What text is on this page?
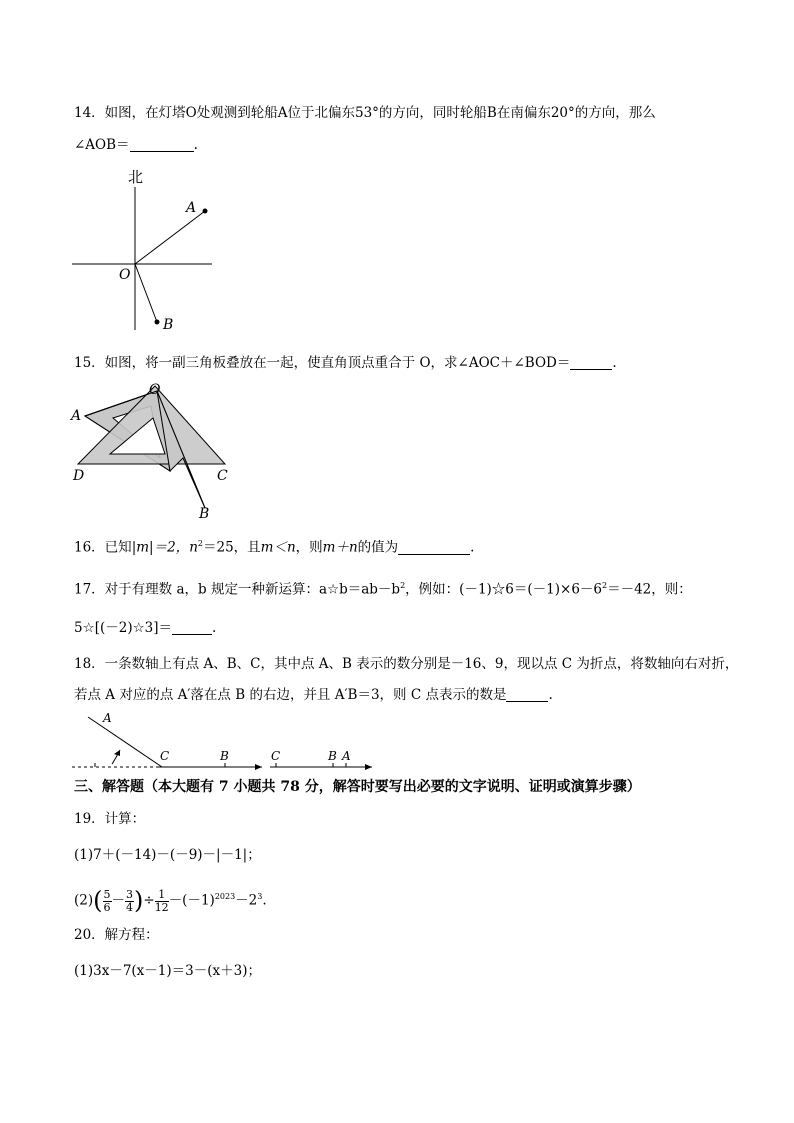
14．如图，在灯塔O处观测到轮船A位于北偏东53°的方向，同时轮船B在南偏东20°的方向，那么
∠AOB＝	.
北
A
O
B
15．如图，将一副三角板叠放在一起，使直角顶点重合于 O，求∠AOC＋∠BOD＝	.
O
A
D	C
B
16．已知|m|＝2，$n^2=25$，且m＜n，则m＋n的值为	.
17．对于有理数 a，b 规定一种新运算：$a☆b=ab-b^2$，例如：$(-1)☆6=(-1)\times 6-6^2=-42$，则：
5☆[(－2)☆3]＝	.
18．一条数轴上有点 A、B、C，其中点 A、B 表示的数分别是－16、9，现以点 C 为折点，将数轴向右对折，
若点 A 对应的点 A′落在点 B 的右边，并且 A′B＝3，则 C 点表示的数是	.
A
C	B	C	B A
三、解答题（本大题有 7 小题共 78 分，解答时要写出必要的文字说明、证明或演算步骤）
19．计算：
(1)7＋(－14)－(－9)－|－1|；
$(2)( \frac{5}{6} - \frac{3}{4}$ )÷ $\frac{1}{12} -(-1)^{2023}-2^3$.
20．解方程：
(1)3x－7(x－1)＝3－(x＋3)；
